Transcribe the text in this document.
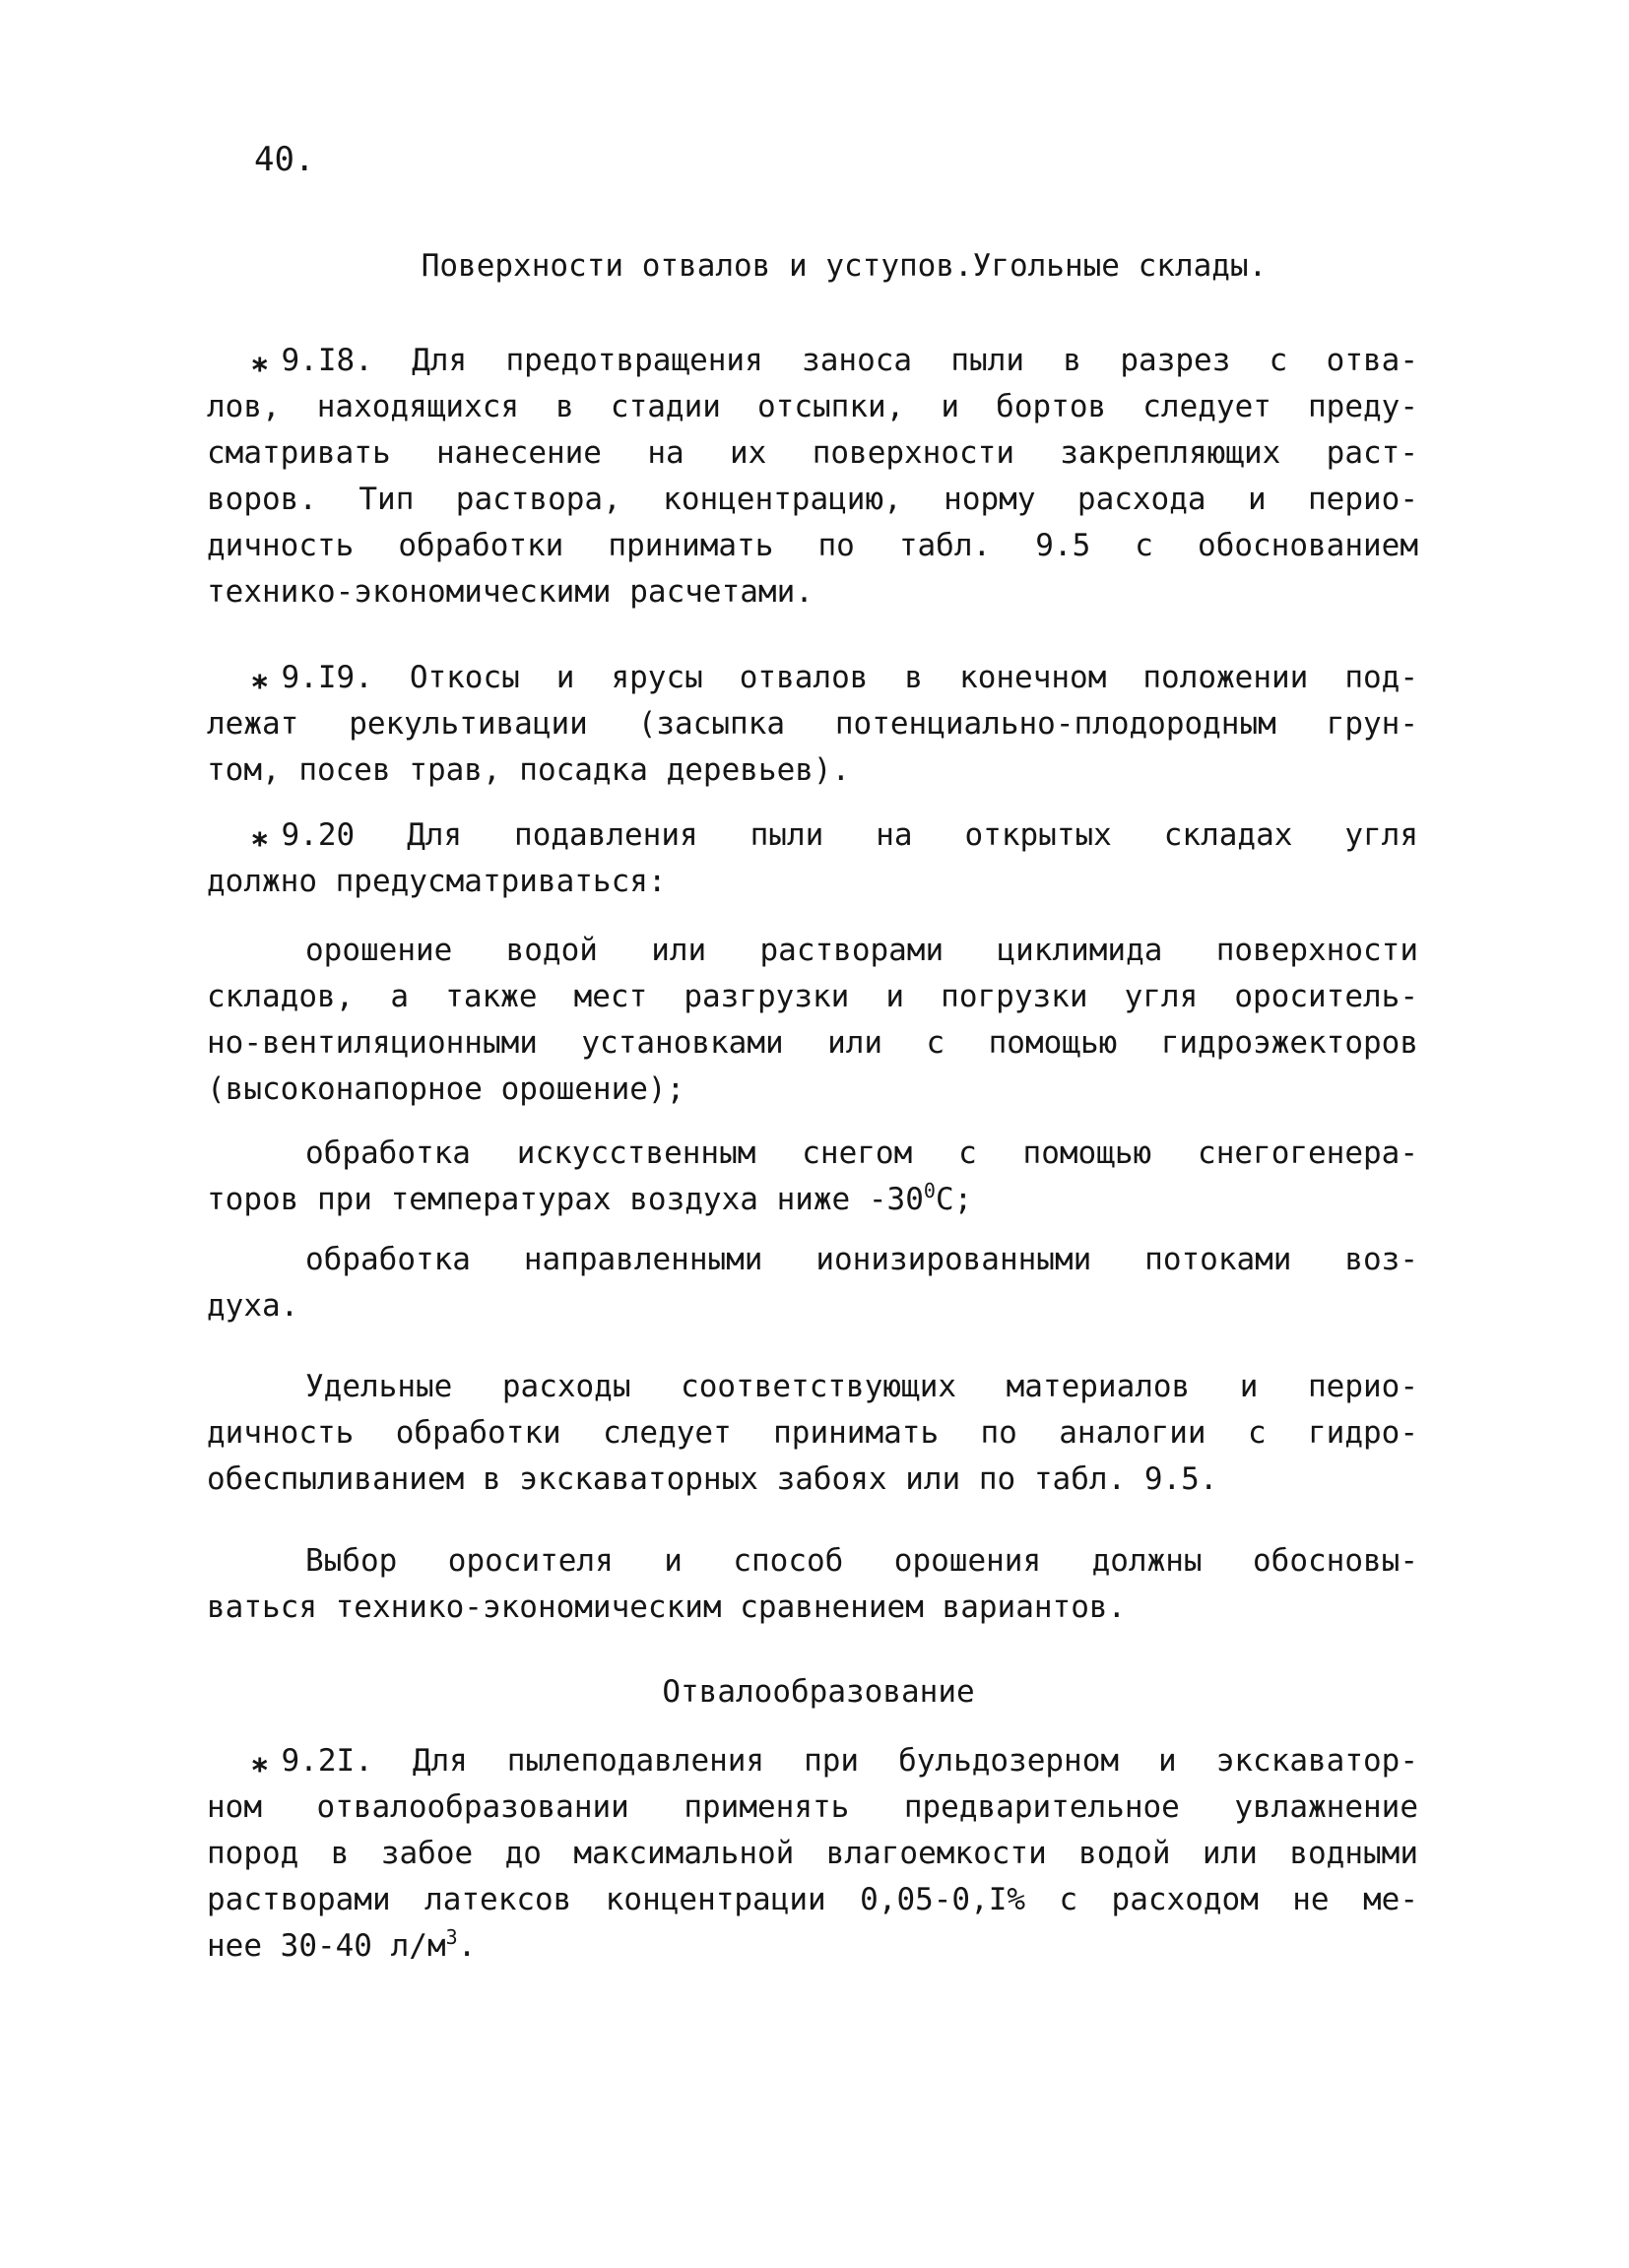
40.
Поверхности отвалов и уступов.Угольные склады.
⁎ 9.I8. Для предотвращения заноса пыли в разрез с отва-
лов, находящихся в стадии отсыпки, и бортов следует преду-
сматривать нанесение на их поверхности закрепляющих раст-
воров. Тип раствора, концентрацию, норму расхода и перио-
дичность обработки принимать по табл. 9.5 с обоснованием
технико-экономическими расчетами.
⁎ 9.I9. Откосы и ярусы отвалов в конечном положении под-
лежат рекультивации (засыпка потенциально-плодородным грун-
том, посев трав, посадка деревьев).
⁎ 9.20 Для подавления пыли на открытых складах угля
должно предусматриваться:
орошение водой или растворами циклимида поверхности
складов, а также мест разгрузки и погрузки угля ороситель-
но-вентиляционными установками или с помощью гидроэжекторов
(высоконапорное орошение);
обработка искусственным снегом с помощью снегогенера-
торов при температурах воздуха ниже $-30^0С$;
обработка направленными ионизированными потоками воз-
духа.
Удельные расходы соответствующих материалов и перио-
дичность обработки следует принимать по аналогии с гидро-
обеспыливанием в экскаваторных забоях или по табл. 9.5.
Выбор оросителя и способ орошения должны обосновы-
ваться технико-экономическим сравнением вариантов.
Отвалообразование
⁎ 9.2I. Для пылеподавления при бульдозерном и экскаватор-
ном отвалообразовании применять предварительное увлажнение
пород в забое до максимальной влагоемкости водой или водными
растворами латексов концентрации 0,05-0,I% с расходом не ме-
нее 30-40 $л/м^3$.
